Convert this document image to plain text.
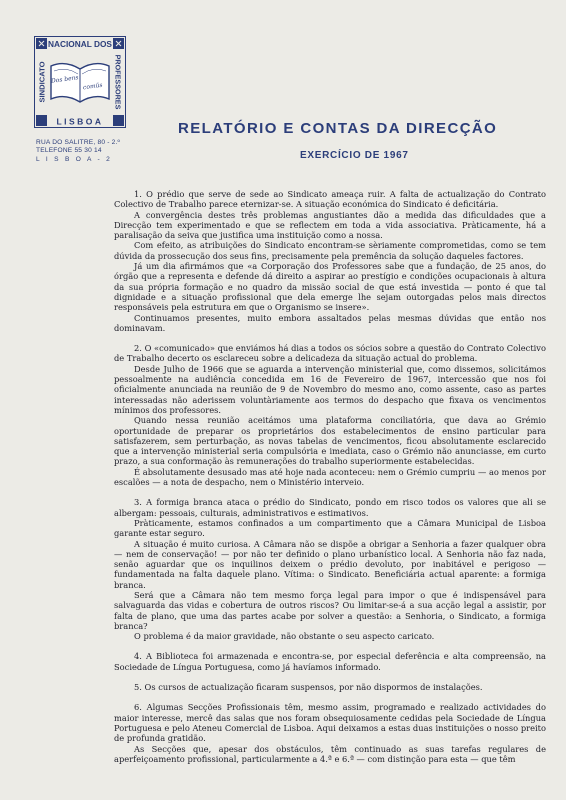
NACIONAL DOS
LISBOA
SINDICATO	PROFESSORES
Dos bens
comũs
RUA DO SALITRE, 80 - 2.º
TELEFONE 55 30 14
L I S B O A - 2
RELATÓRIO E CONTAS DA DIRECÇÃO
EXERCÍCIO DE 1967

1. O prédio que serve de sede ao Sindicato ameaça ruir. A falta de actualização do Contrato Colectivo de Trabalho parece eternizar-se. A situação económica do Sindicato é deficitária.

A convergência destes três problemas angustiantes dão a medida das dificuldades que a Direcção tem experimentado e que se reflectem em toda a vida associativa. Pràticamente, há a paralisação da seiva que justifica uma instituição como a nossa.

Com efeito, as atribuições do Sindicato encontram-se sèriamente comprometidas, como se tem dúvida da prossecução dos seus fins, precisamente pela premência da solução daqueles factores.

Já um dia afirmámos que «a Corporação dos Professores sabe que a fundação, de 25 anos, do órgão que a representa e defende dá direito a aspirar ao prestígio e condições ocupacionais à altura da sua própria formação e no quadro da missão social de que está investida — ponto é que tal dignidade e a situação profissional que dela emerge lhe sejam outorgadas pelos mais directos responsáveis pela estrutura em que o Organismo se insere».

Continuamos presentes, muito embora assaltados pelas mesmas dúvidas que então nos dominavam.

2. O «comunicado» que enviámos há dias a todos os sócios sobre a questão do Contrato Colectivo de Trabalho decerto os esclareceu sobre a delicadeza da situação actual do problema.

Desde Julho de 1966 que se aguarda a intervenção ministerial que, como dissemos, solicitámos pessoalmente na audiência concedida em 16 de Fevereiro de 1967, intercessão que nos foi oficialmente anunciada na reunião de 9 de Novembro do mesmo ano, como assente, caso as partes interessadas não aderissem voluntàriamente aos termos do despacho que fixava os vencimentos mínimos dos professores.

Quando nessa reunião aceitámos uma plataforma conciliatória, que dava ao Grémio oportunidade de preparar os proprietários dos estabelecimentos de ensino particular para satisfazerem, sem perturbação, as novas tabelas de vencimentos, ficou absolutamente esclarecido que a intervenção ministerial seria compulsória e imediata, caso o Grémio não anunciasse, em curto prazo, a sua conformação às remunerações do trabalho superiormente estabelecidas.

É absolutamente desusado mas até hoje nada aconteceu: nem o Grémio cumpriu — ao menos por escalões — a nota de despacho, nem o Ministério interveio.

3. A formiga branca ataca o prédio do Sindicato, pondo em risco todos os valores que ali se albergam: pessoais, culturais, administrativos e estimativos.

Pràticamente, estamos confinados a um compartimento que a Câmara Municipal de Lisboa garante estar seguro.

A situação é muito curiosa. A Câmara não se dispõe a obrigar a Senhoria a fazer qualquer obra — nem de conservação! — por não ter definido o plano urbanístico local. A Senhoria não faz nada, senão aguardar que os inquilinos deixem o prédio devoluto, por inabitável e perigoso — fundamentada na falta daquele plano. Vítima: o Sindicato. Beneficiária actual aparente: a formiga branca.

Será que a Câmara não tem mesmo força legal para impor o que é indispensável para salvaguarda das vidas e cobertura de outros riscos? Ou limitar-se-á a sua acção legal a assistir, por falta de plano, que uma das partes acabe por solver a questão: a Senhoria, o Sindicato, a formiga branca?

O problema é da maior gravidade, não obstante o seu aspecto caricato.

4. A Biblioteca foi armazenada e encontra-se, por especial deferência e alta compreensão, na Sociedade de Língua Portuguesa, como já havíamos informado.

5. Os cursos de actualização ficaram suspensos, por não dispormos de instalações.

6. Algumas Secções Profissionais têm, mesmo assim, programado e realizado actividades do maior interesse, mercê das salas que nos foram obsequiosamente cedidas pela Sociedade de Língua Portuguesa e pelo Ateneu Comercial de Lisboa. Aqui deixamos a estas duas instituições o nosso preito de profunda gratidão.

As Secções que, apesar dos obstáculos, têm continuado as suas tarefas regulares de aperfeiçoamento profissional, particularmente a 4.ª e 6.ª — com distinção para esta — que têm
